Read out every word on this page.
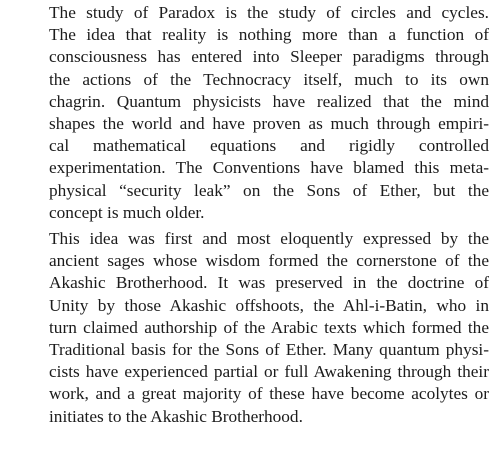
The study of Paradox is the study of circles and cycles.
The idea that reality is nothing more than a function of
consciousness has entered into Sleeper paradigms through
the actions of the Technocracy itself, much to its own
chagrin. Quantum physicists have realized that the mind
shapes the world and have proven as much through empiri-
cal mathematical equations and rigidly controlled
experimentation. The Conventions have blamed this meta-
physical “security leak” on the Sons of Ether, but the
concept is much older.

This idea was first and most eloquently expressed by the
ancient sages whose wisdom formed the cornerstone of the
Akashic Brotherhood. It was preserved in the doctrine of
Unity by those Akashic offshoots, the Ahl-i-Batin, who in
turn claimed authorship of the Arabic texts which formed the
Traditional basis for the Sons of Ether. Many quantum physi-
cists have experienced partial or full Awakening through their
work, and a great majority of these have become acolytes or
initiates to the Akashic Brotherhood.
